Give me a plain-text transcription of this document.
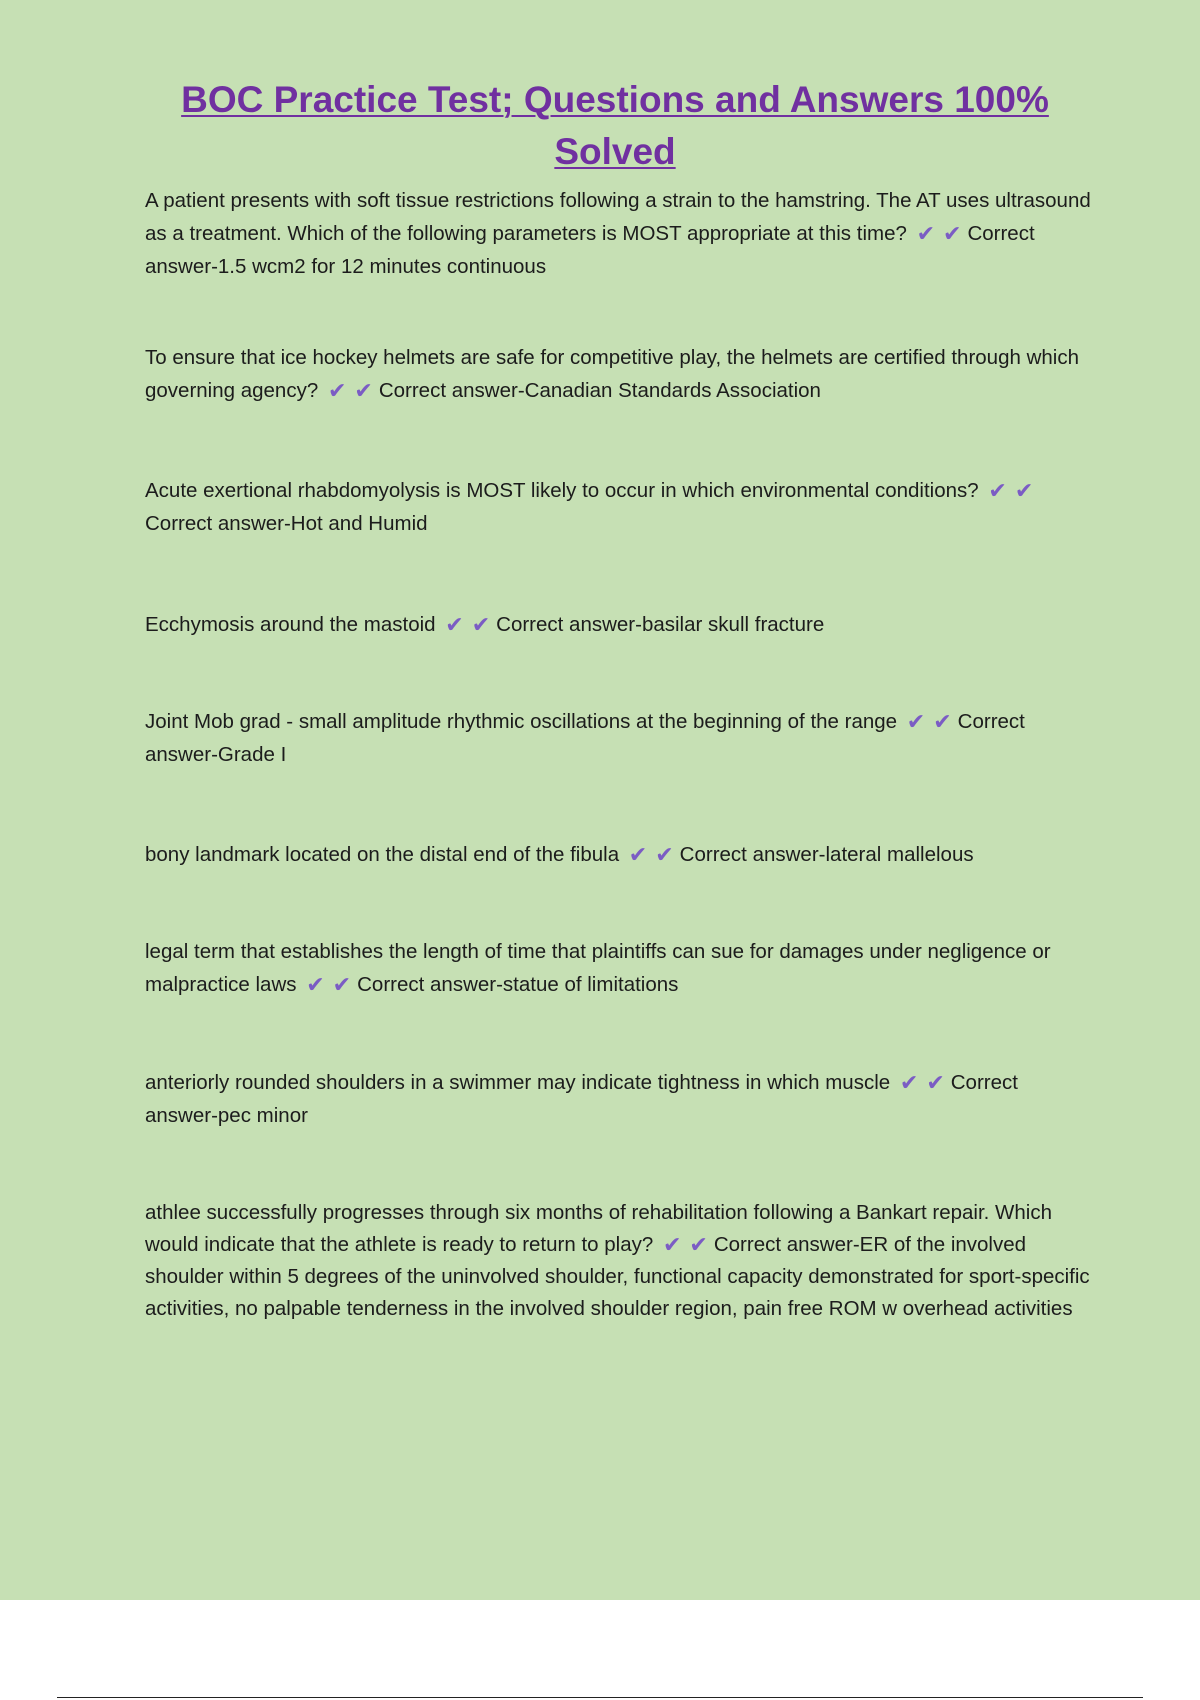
BOC Practice Test; Questions and Answers 100% Solved

A patient presents with soft tissue restrictions following a strain to the hamstring. The AT uses ultrasound as a treatment. Which of the following parameters is MOST appropriate at this time? ✔ ✔ Correct answer-1.5 wcm2 for 12 minutes continuous

To ensure that ice hockey helmets are safe for competitive play, the helmets are certified through which governing agency? ✔ ✔ Correct answer-Canadian Standards Association

Acute exertional rhabdomyolysis is MOST likely to occur in which environmental conditions? ✔ ✔Correct answer-Hot and Humid

Ecchymosis around the mastoid ✔ ✔ Correct answer-basilar skull fracture

Joint Mob grad - small amplitude rhythmic oscillations at the beginning of the range ✔ ✔ Correct answer-Grade I

bony landmark located on the distal end of the fibula ✔ ✔ Correct answer-lateral mallelous

legal term that establishes the length of time that plaintiffs can sue for damages under negligence or malpractice laws ✔ ✔ Correct answer-statue of limitations

anteriorly rounded shoulders in a swimmer may indicate tightness in which muscle ✔ ✔ Correct answer-pec minor

athlee successfully progresses through six months of rehabilitation following a Bankart repair. Which would indicate that the athlete is ready to return to play? ✔ ✔ Correct answer-ER of the involved shoulder within 5 degrees of the uninvolved shoulder, functional capacity demonstrated for sport-specific activities, no palpable tenderness in the involved shoulder region, pain free ROM w overhead activities
